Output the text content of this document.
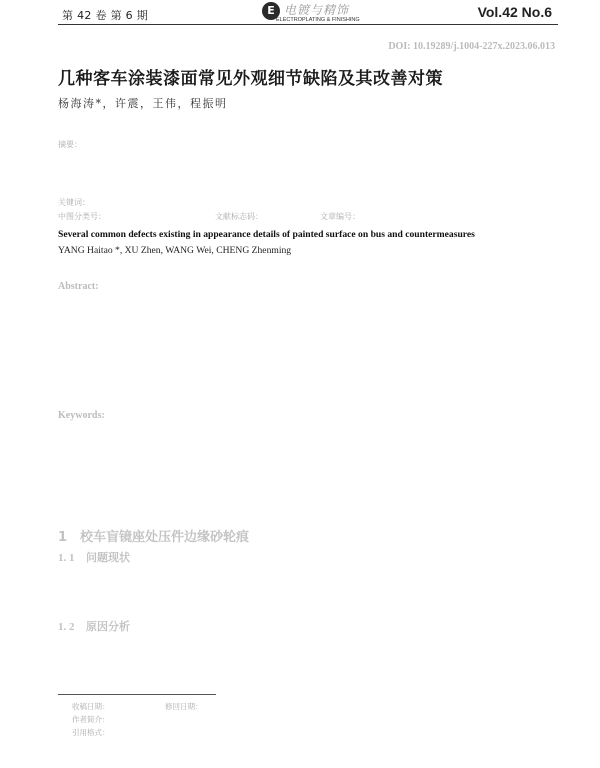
第 42 卷 第 6 期	E 电镀与精饰
ELECTROPLATING & FINISHING	Vol.42 No.6
DOI: 10.19289/j.1004-227x.2023.06.013
几种客车涂装漆面常见外观细节缺陷及其改善对策
杨海涛*，许震，王伟，程振明
摘要：
关键词：
中图分类号：	文献标志码：	文章编号：
Several common defects existing in appearance details of painted surface on bus and countermeasures
YANG Haitao *, XU Zhen, WANG Wei, CHENG Zhenming
Abstract:
Keywords:
1 校车盲镜座处压件边缘砂轮痕
1. 1 问题现状
1. 2 原因分析
收稿日期：	修回日期：
作者简介：
引用格式：
